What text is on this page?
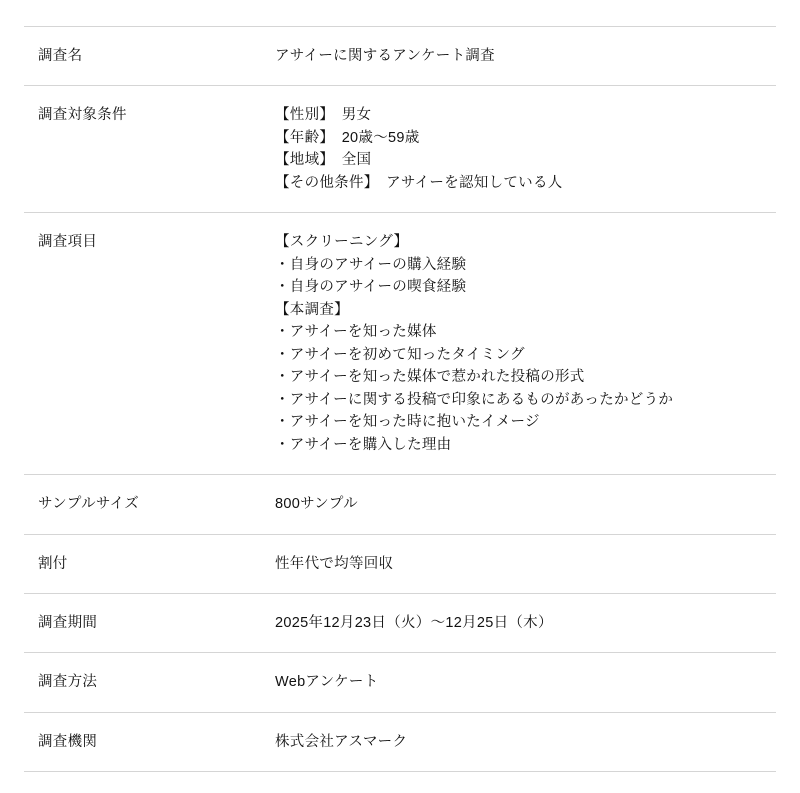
調査名	アサイーに関するアンケート調査

調査対象条件	【性別】　男女
【年齢】　20歳〜59歳
【地域】　全国
【その他条件】　アサイーを認知している人

調査項目	【スクリーニング】
・自身のアサイーの購入経験
・自身のアサイーの喫食経験
【本調査】
・アサイーを知った媒体
・アサイーを初めて知ったタイミング
・アサイーを知った媒体で惹かれた投稿の形式
・アサイーに関する投稿で印象にあるものがあったかどうか
・アサイーを知った時に抱いたイメージ
・アサイーを購入した理由

サンプルサイズ	800サンプル

割付	性年代で均等回収

調査期間	2025年12月23日（火）〜12月25日（木）

調査方法	Webアンケート

調査機関	株式会社アスマーク
